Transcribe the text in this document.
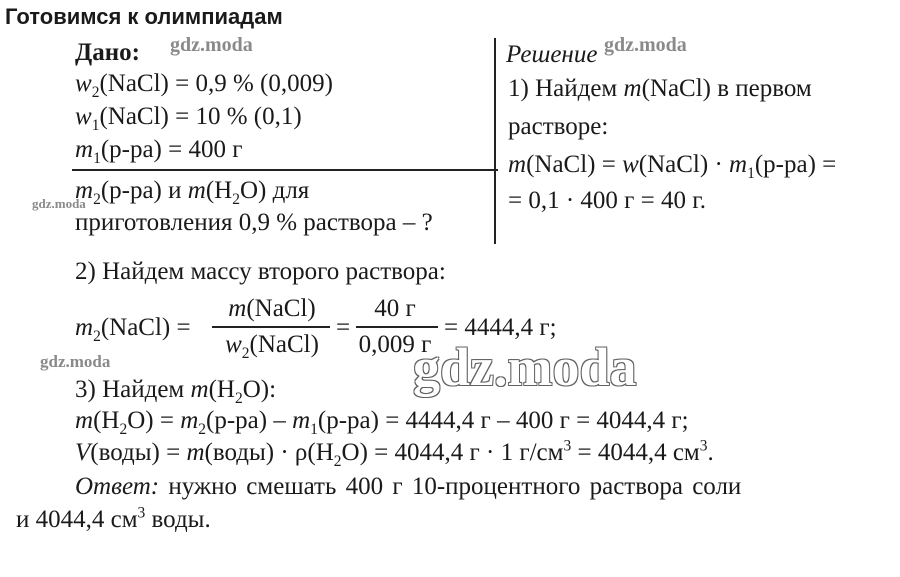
Готовимся к олимпиадам
Дано: gdz.moda
$w_2(NaCl) = 0,9$ % (0,009)
$w_1(NaCl) = 10$ % (0,1)
$m_1(р-ра) = 400$ г
$m_2(р-ра)$ и $m(H_2O)$ для
gdz.moda
приготовления 0,9 % раствора – ?
Решение gdz.moda
1) Найдем m(NaCl) в первом
растворе:
m(NaCl) = w(NaCl) · $m_1(р-ра)$ =
= 0,1 · 400 г = 40 г.
2) Найдем массу второго раствора:
$m_2(NaCl)$ =
m(NaCl)
$w_2(NaCl)$
=
40 г
0,009 г
= 4444,4 г;
gdz.moda	gdz.moda
3) Найдем $m(H_2O)$:
$m(H_2O) = m_2(р-ра) - m_1(р-ра) = 4444,4$ г – 400 г = 4044,4 г;
V(воды) = m(воды) · $\rho(H_2O) = 4044,4$ г · 1 $г/см^3 = 4044,4$ $см^3$.
Ответ: нужно смешать 400 г 10-процентного раствора соли
и 4044,4 $см^3$ воды.
